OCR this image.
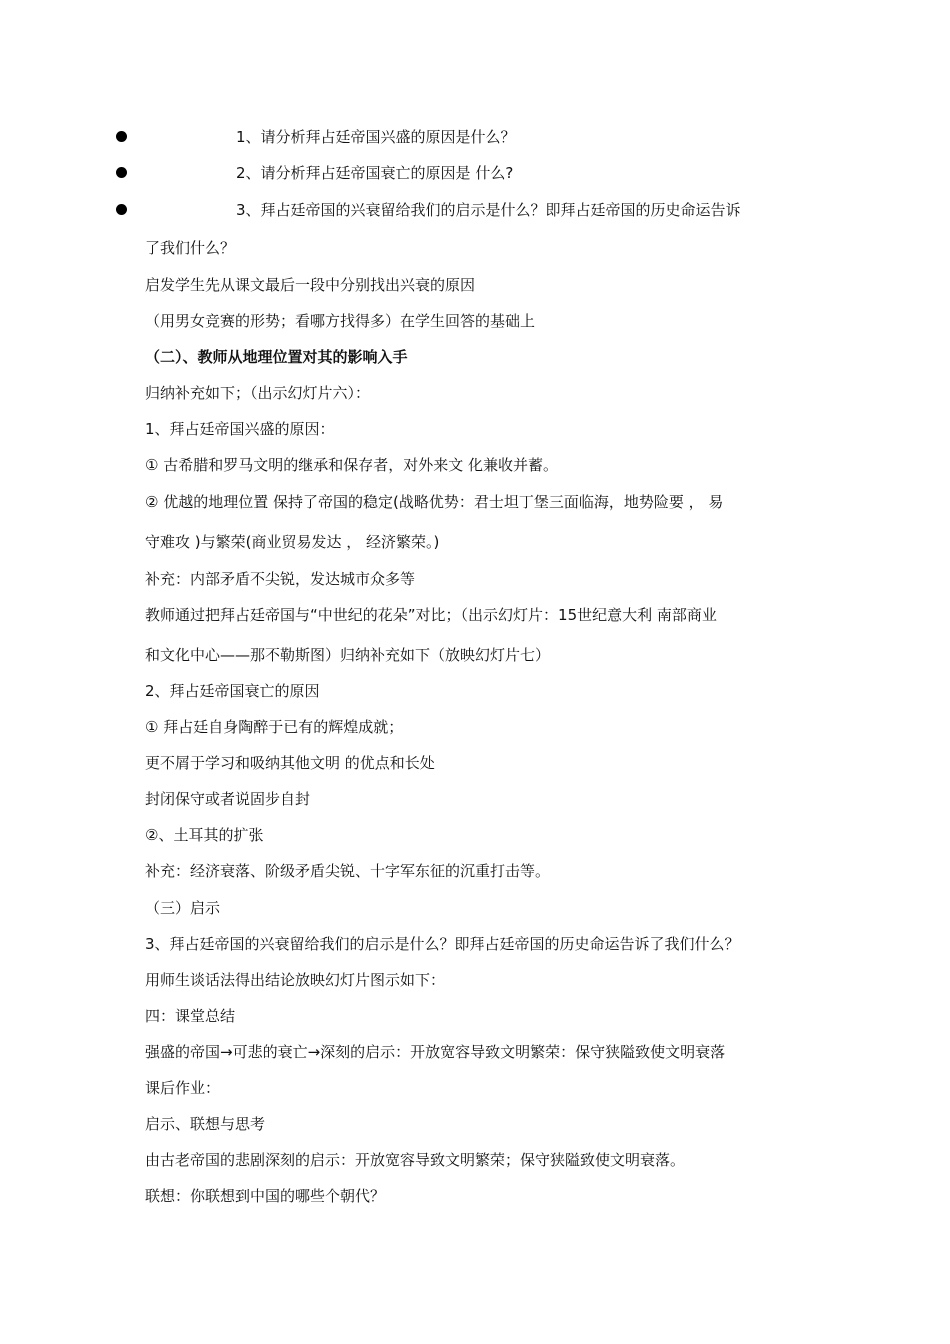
1、请分析拜占廷帝国兴盛的原因是什么？
2、请分析拜占廷帝国衰亡的原因是 什么?
3、拜占廷帝国的兴衰留给我们的启示是什么？即拜占廷帝国的历史命运告诉
了我们什么？
启发学生先从课文最后一段中分别找出兴衰的原因
（用男女竞赛的形势；看哪方找得多）在学生回答的基础上
（二）、教师从地理位置对其的影响入手
归纳补充如下；（出示幻灯片六）：
1、拜占廷帝国兴盛的原因：
① 古希腊和罗马文明的继承和保存者，对外来文 化兼收并蓄。
② 优越的地理位置 保持了帝国的稳定(战略优势：君士坦丁堡三面临海，地势险要 ， 易
守难攻 )与繁荣(商业贸易发达 ， 经济繁荣。)
补充：内部矛盾不尖锐，发达城市众多等
教师通过把拜占廷帝国与“中世纪的花朵”对比；（出示幻灯片：15世纪意大利 南部商业
和文化中心——那不勒斯图）归纳补充如下（放映幻灯片七）
2、拜占廷帝国衰亡的原因
① 拜占廷自身陶醉于已有的辉煌成就；
更不屑于学习和吸纳其他文明 的优点和长处
封闭保守或者说固步自封
②、土耳其的扩张
补充：经济衰落、阶级矛盾尖锐、十字军东征的沉重打击等。
（三）启示
3、拜占廷帝国的兴衰留给我们的启示是什么？即拜占廷帝国的历史命运告诉了我们什么？
用师生谈话法得出结论放映幻灯片图示如下：
四：课堂总结
强盛的帝国→可悲的衰亡→深刻的启示：开放宽容导致文明繁荣：保守狭隘致使文明衰落
课后作业：
启示、联想与思考
由古老帝国的悲剧深刻的启示：开放宽容导致文明繁荣；保守狭隘致使文明衰落。
联想：你联想到中国的哪些个朝代？
